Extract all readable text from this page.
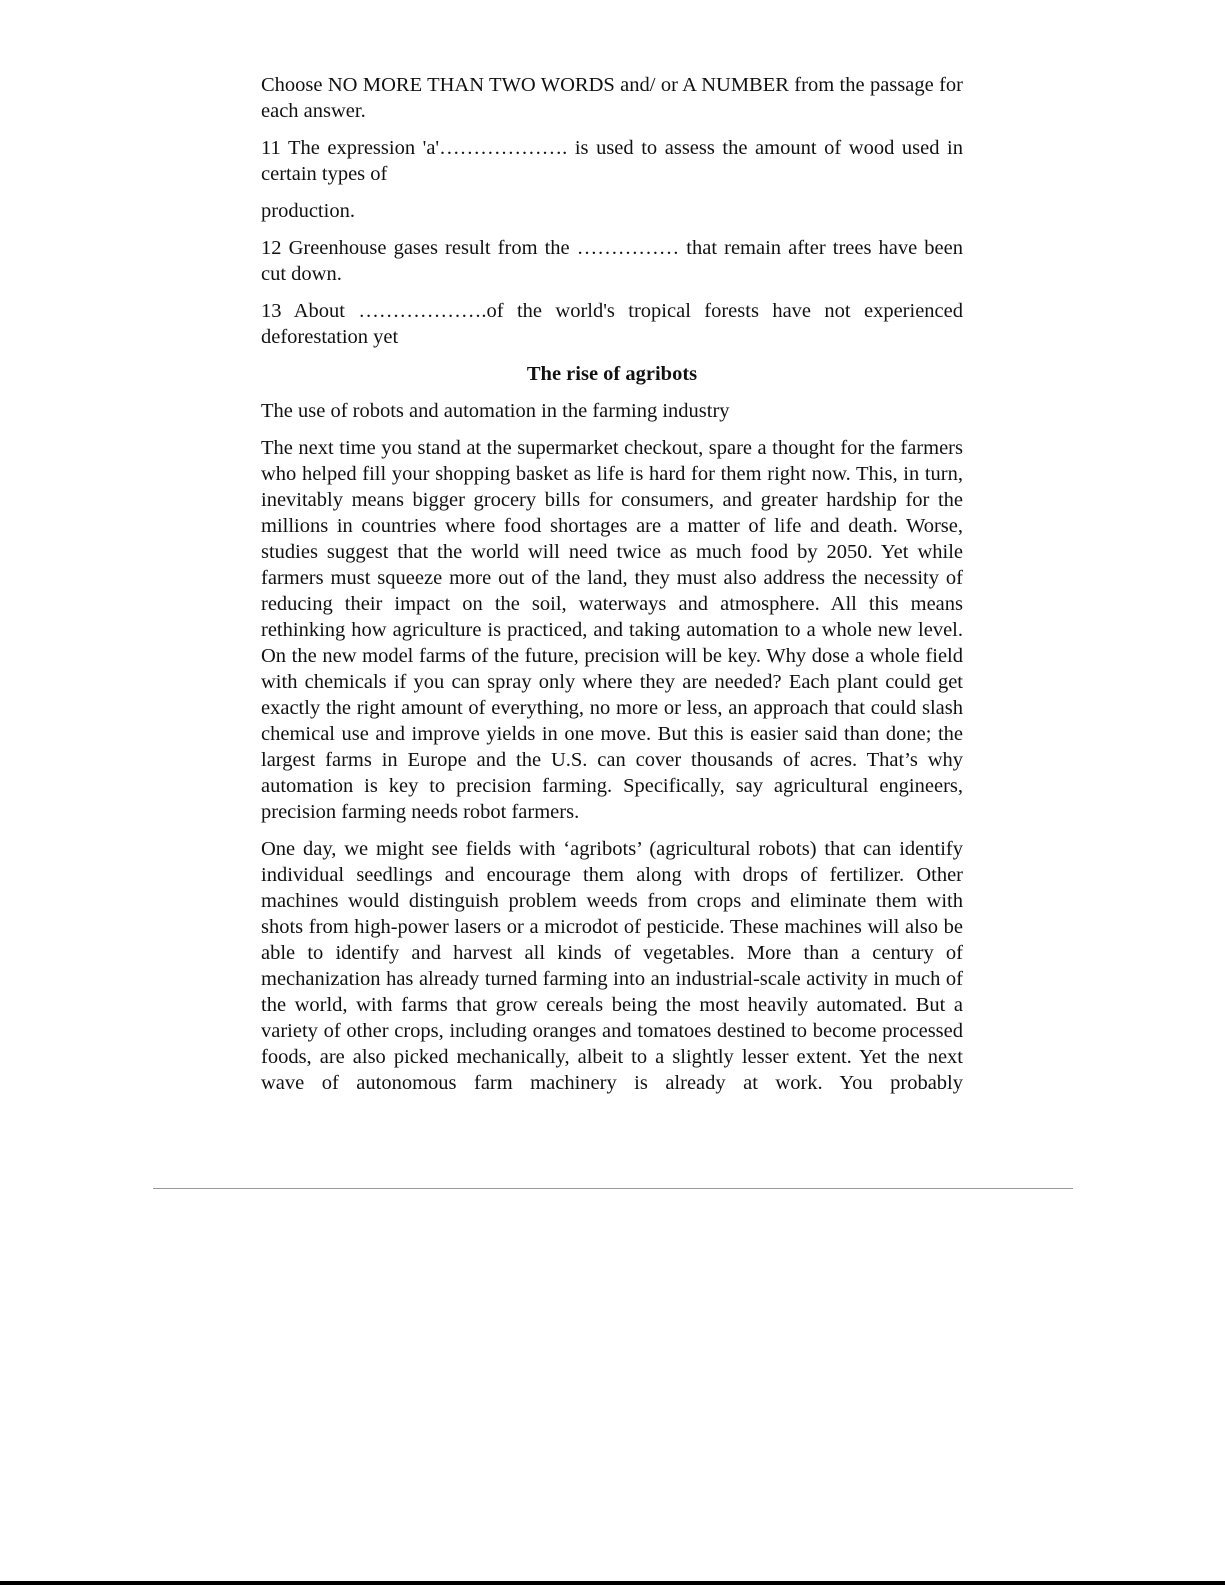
Choose NO MORE THAN TWO WORDS and/ or A NUMBER from the passage for each answer.

11 The expression 'a'………………. is used to assess the amount of wood used in certain types of

production.

12 Greenhouse gases result from the …………… that remain after trees have been cut down.

13 About ……………….of the world's tropical forests have not experienced deforestation yet

The rise of agribots

The use of robots and automation in the farming industry

The next time you stand at the supermarket checkout, spare a thought for the farmers who helped fill your shopping basket as life is hard for them right now. This, in turn, inevitably means bigger grocery bills for consumers, and greater hardship for the millions in countries where food shortages are a matter of life and death. Worse, studies suggest that the world will need twice as much food by 2050. Yet while farmers must squeeze more out of the land, they must also address the necessity of reducing their impact on the soil, waterways and atmosphere. All this means rethinking how agriculture is practiced, and taking automation to a whole new level. On the new model farms of the future, precision will be key. Why dose a whole field with chemicals if you can spray only where they are needed? Each plant could get exactly the right amount of everything, no more or less, an approach that could slash chemical use and improve yields in one move. But this is easier said than done; the largest farms in Europe and the U.S. can cover thousands of acres. That’s why automation is key to precision farming. Specifically, say agricultural engineers, precision farming needs robot farmers.

One day, we might see fields with ‘agribots’ (agricultural robots) that can identify individual seedlings and encourage them along with drops of fertilizer. Other machines would distinguish problem weeds from crops and eliminate them with shots from high-power lasers or a microdot of pesticide. These machines will also be able to identify and harvest all kinds of vegetables. More than a century of mechanization has already turned farming into an industrial-scale activity in much of the world, with farms that grow cereals being the most heavily automated. But a variety of other crops, including oranges and tomatoes destined to become processed foods, are also picked mechanically, albeit to a slightly lesser extent. Yet the next wave of autonomous farm machinery is already at work. You probably
